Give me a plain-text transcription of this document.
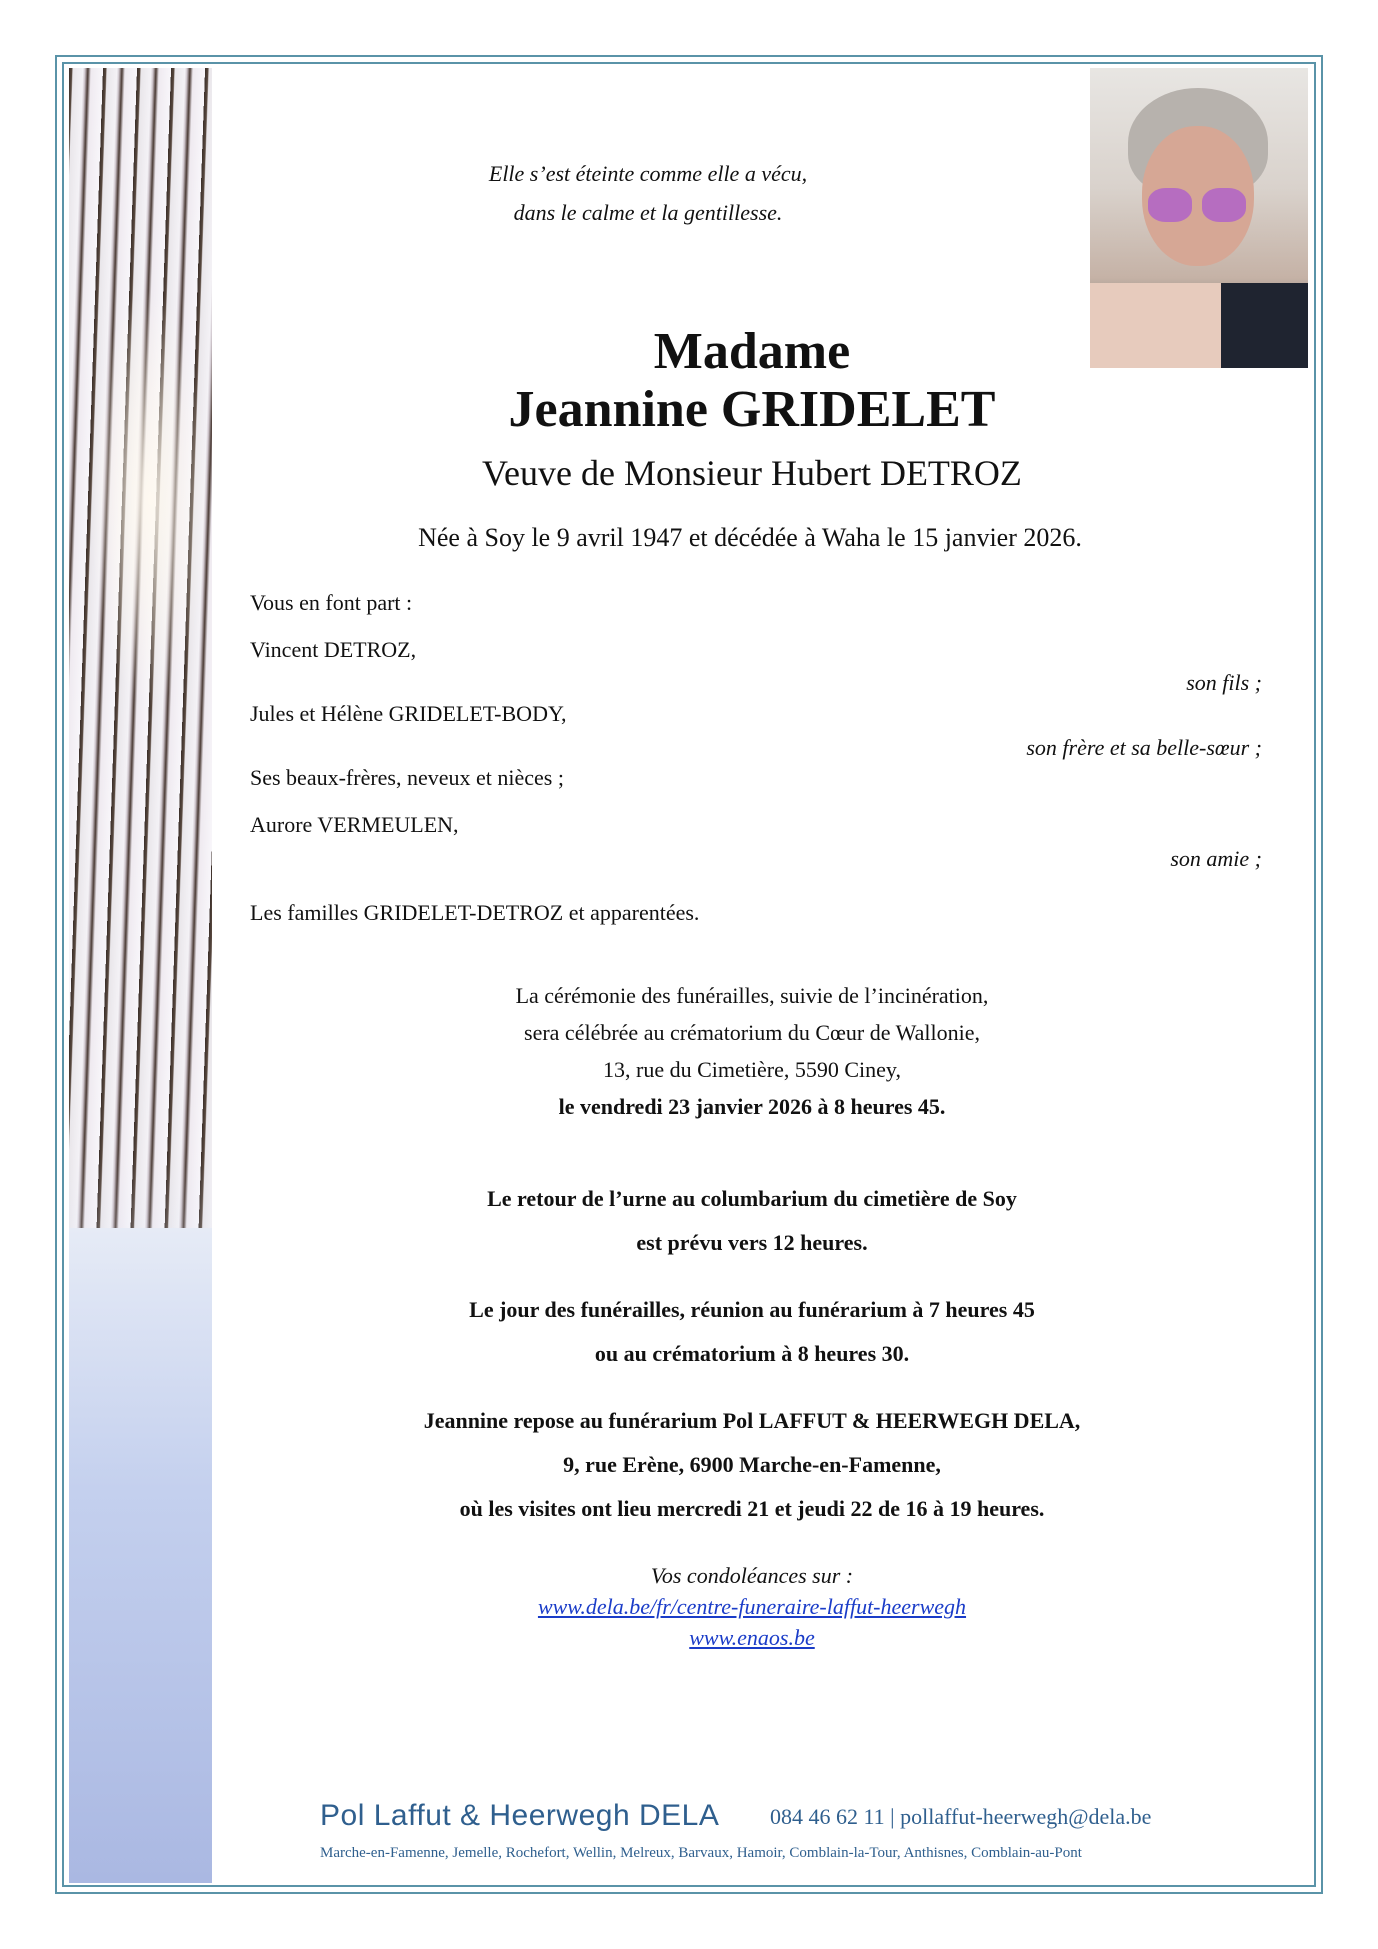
Elle s’est éteinte comme elle a vécu,
dans le calme et la gentillesse.
Madame
Jeannine GRIDELET
Veuve de Monsieur Hubert DETROZ
Née à Soy le 9 avril 1947 et décédée à Waha le 15 janvier 2026.
Vous en font part :
Vincent DETROZ,
son fils ;
Jules et Hélène GRIDELET-BODY,
son frère et sa belle-sœur ;
Ses beaux-frères, neveux et nièces ;
Aurore VERMEULEN,
son amie ;
Les familles GRIDELET-DETROZ et apparentées.
La cérémonie des funérailles, suivie de l’incinération,
sera célébrée au crématorium du Cœur de Wallonie,
13, rue du Cimetière, 5590 Ciney,
le vendredi 23 janvier 2026 à 8 heures 45.
Le retour de l’urne au columbarium du cimetière de Soy
est prévu vers 12 heures.
Le jour des funérailles, réunion au funérarium à 7 heures 45
ou au crématorium à 8 heures 30.
Jeannine repose au funérarium Pol LAFFUT & HEERWEGH DELA,
9, rue Erène, 6900 Marche-en-Famenne,
où les visites ont lieu mercredi 21 et jeudi 22 de 16 à 19 heures.
Vos condoléances sur :
www.dela.be/fr/centre-funeraire-laffut-heerwegh
www.enaos.be
Pol Laffut & Heerwegh DELA 084 46 62 11 | pollaffut-heerwegh@dela.be
Marche-en-Famenne, Jemelle, Rochefort, Wellin, Melreux, Barvaux, Hamoir, Comblain-la-Tour, Anthisnes, Comblain-au-Pont
